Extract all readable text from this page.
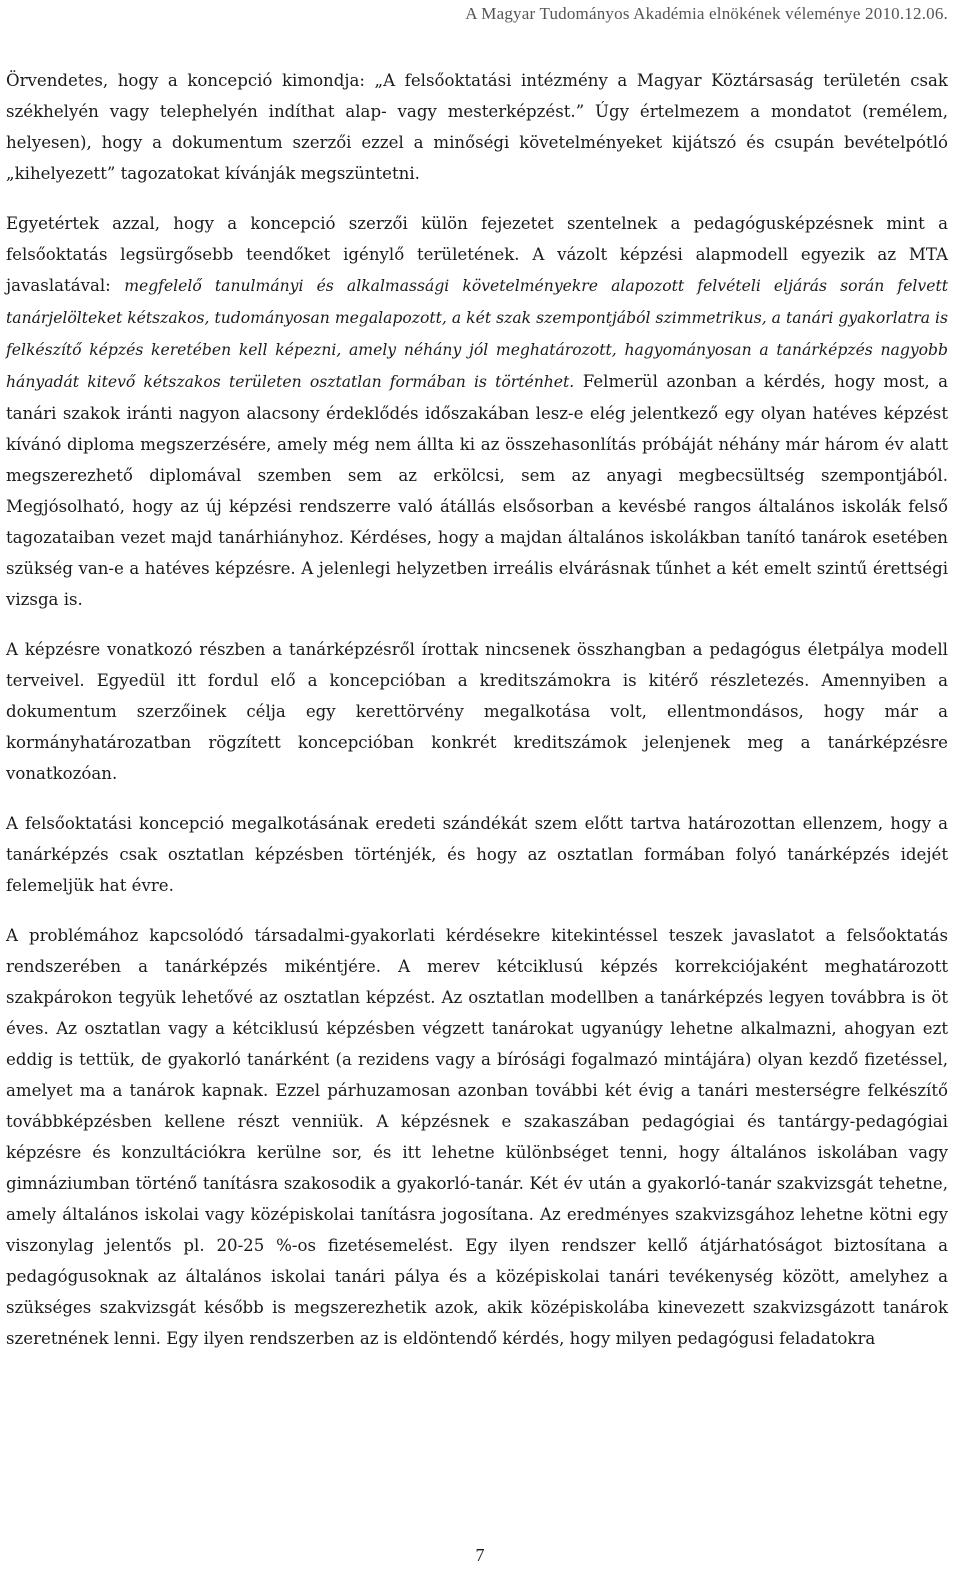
A Magyar Tudományos Akadémia elnökének véleménye 2010.12.06.

Örvendetes, hogy a koncepció kimondja: „A felsőoktatási intézmény a Magyar Köztársaság területén csak székhelyén vagy telephelyén indíthat alap- vagy mesterképzést.” Úgy értelmezem a mondatot (remélem, helyesen), hogy a dokumentum szerzői ezzel a minőségi követelményeket kijátszó és csupán bevételpótló „kihelyezett” tagozatokat kívánják megszüntetni.

Egyetértek azzal, hogy a koncepció szerzői külön fejezetet szentelnek a pedagógusképzésnek mint a felsőoktatás legsürgősebb teendőket igénylő területének. A vázolt képzési alapmodell egyezik az MTA javaslatával: megfelelő tanulmányi és alkalmassági követelményekre alapozott felvételi eljárás során felvett tanárjelölteket kétszakos, tudományosan megalapozott, a két szak szempontjából szimmetrikus, a tanári gyakorlatra is felkészítő képzés keretében kell képezni, amely néhány jól meghatározott, hagyományosan a tanárképzés nagyobb hányadát kitevő kétszakos területen osztatlan formában is történhet. Felmerül azonban a kérdés, hogy most, a tanári szakok iránti nagyon alacsony érdeklődés időszakában lesz-e elég jelentkező egy olyan hatéves képzést kívánó diploma megszerzésére, amely még nem állta ki az összehasonlítás próbáját néhány már három év alatt megszerezhető diplomával szemben sem az erkölcsi, sem az anyagi megbecsültség szempontjából. Megjósolható, hogy az új képzési rendszerre való átállás elsősorban a kevésbé rangos általános iskolák felső tagozataiban vezet majd tanárhiányhoz. Kérdéses, hogy a majdan általános iskolákban tanító tanárok esetében szükség van-e a hatéves képzésre. A jelenlegi helyzetben irreális elvárásnak tűnhet a két emelt szintű érettségi vizsga is.

A képzésre vonatkozó részben a tanárképzésről írottak nincsenek összhangban a pedagógus életpálya modell terveivel. Egyedül itt fordul elő a koncepcióban a kreditszámokra is kitérő részletezés. Amennyiben a dokumentum szerzőinek célja egy kerettörvény megalkotása volt, ellentmondásos, hogy már a kormányhatározatban rögzített koncepcióban konkrét kreditszámok jelenjenek meg a tanárképzésre vonatkozóan.

A felsőoktatási koncepció megalkotásának eredeti szándékát szem előtt tartva határozottan ellenzem, hogy a tanárképzés csak osztatlan képzésben történjék, és hogy az osztatlan formában folyó tanárképzés idejét felemeljük hat évre.

A problémához kapcsolódó társadalmi-gyakorlati kérdésekre kitekintéssel teszek javaslatot a felsőoktatás rendszerében a tanárképzés mikéntjére. A merev kétciklusú képzés korrekciójaként meghatározott szakpárokon tegyük lehetővé az osztatlan képzést. Az osztatlan modellben a tanárképzés legyen továbbra is öt éves. Az osztatlan vagy a kétciklusú képzésben végzett tanárokat ugyanúgy lehetne alkalmazni, ahogyan ezt eddig is tettük, de gyakorló tanárként (a rezidens vagy a bírósági fogalmazó mintájára) olyan kezdő fizetéssel, amelyet ma a tanárok kapnak. Ezzel párhuzamosan azonban további két évig a tanári mesterségre felkészítő továbbképzésben kellene részt venniük. A képzésnek e szakaszában pedagógiai és tantárgy-pedagógiai képzésre és konzultációkra kerülne sor, és itt lehetne különbséget tenni, hogy általános iskolában vagy gimnáziumban történő tanításra szakosodik a gyakorló-tanár. Két év után a gyakorló-tanár szakvizsgát tehetne, amely általános iskolai vagy középiskolai tanításra jogosítana. Az eredményes szakvizsgához lehetne kötni egy viszonylag jelentős pl. 20-25 %-os fizetésemelést. Egy ilyen rendszer kellő átjárhatóságot biztosítana a pedagógusoknak az általános iskolai tanári pálya és a középiskolai tanári tevékenység között, amelyhez a szükséges szakvizsgát később is megszerezhetik azok, akik középiskolába kinevezett szakvizsgázott tanárok szeretnének lenni. Egy ilyen rendszerben az is eldöntendő kérdés, hogy milyen pedagógusi feladatokra

7
